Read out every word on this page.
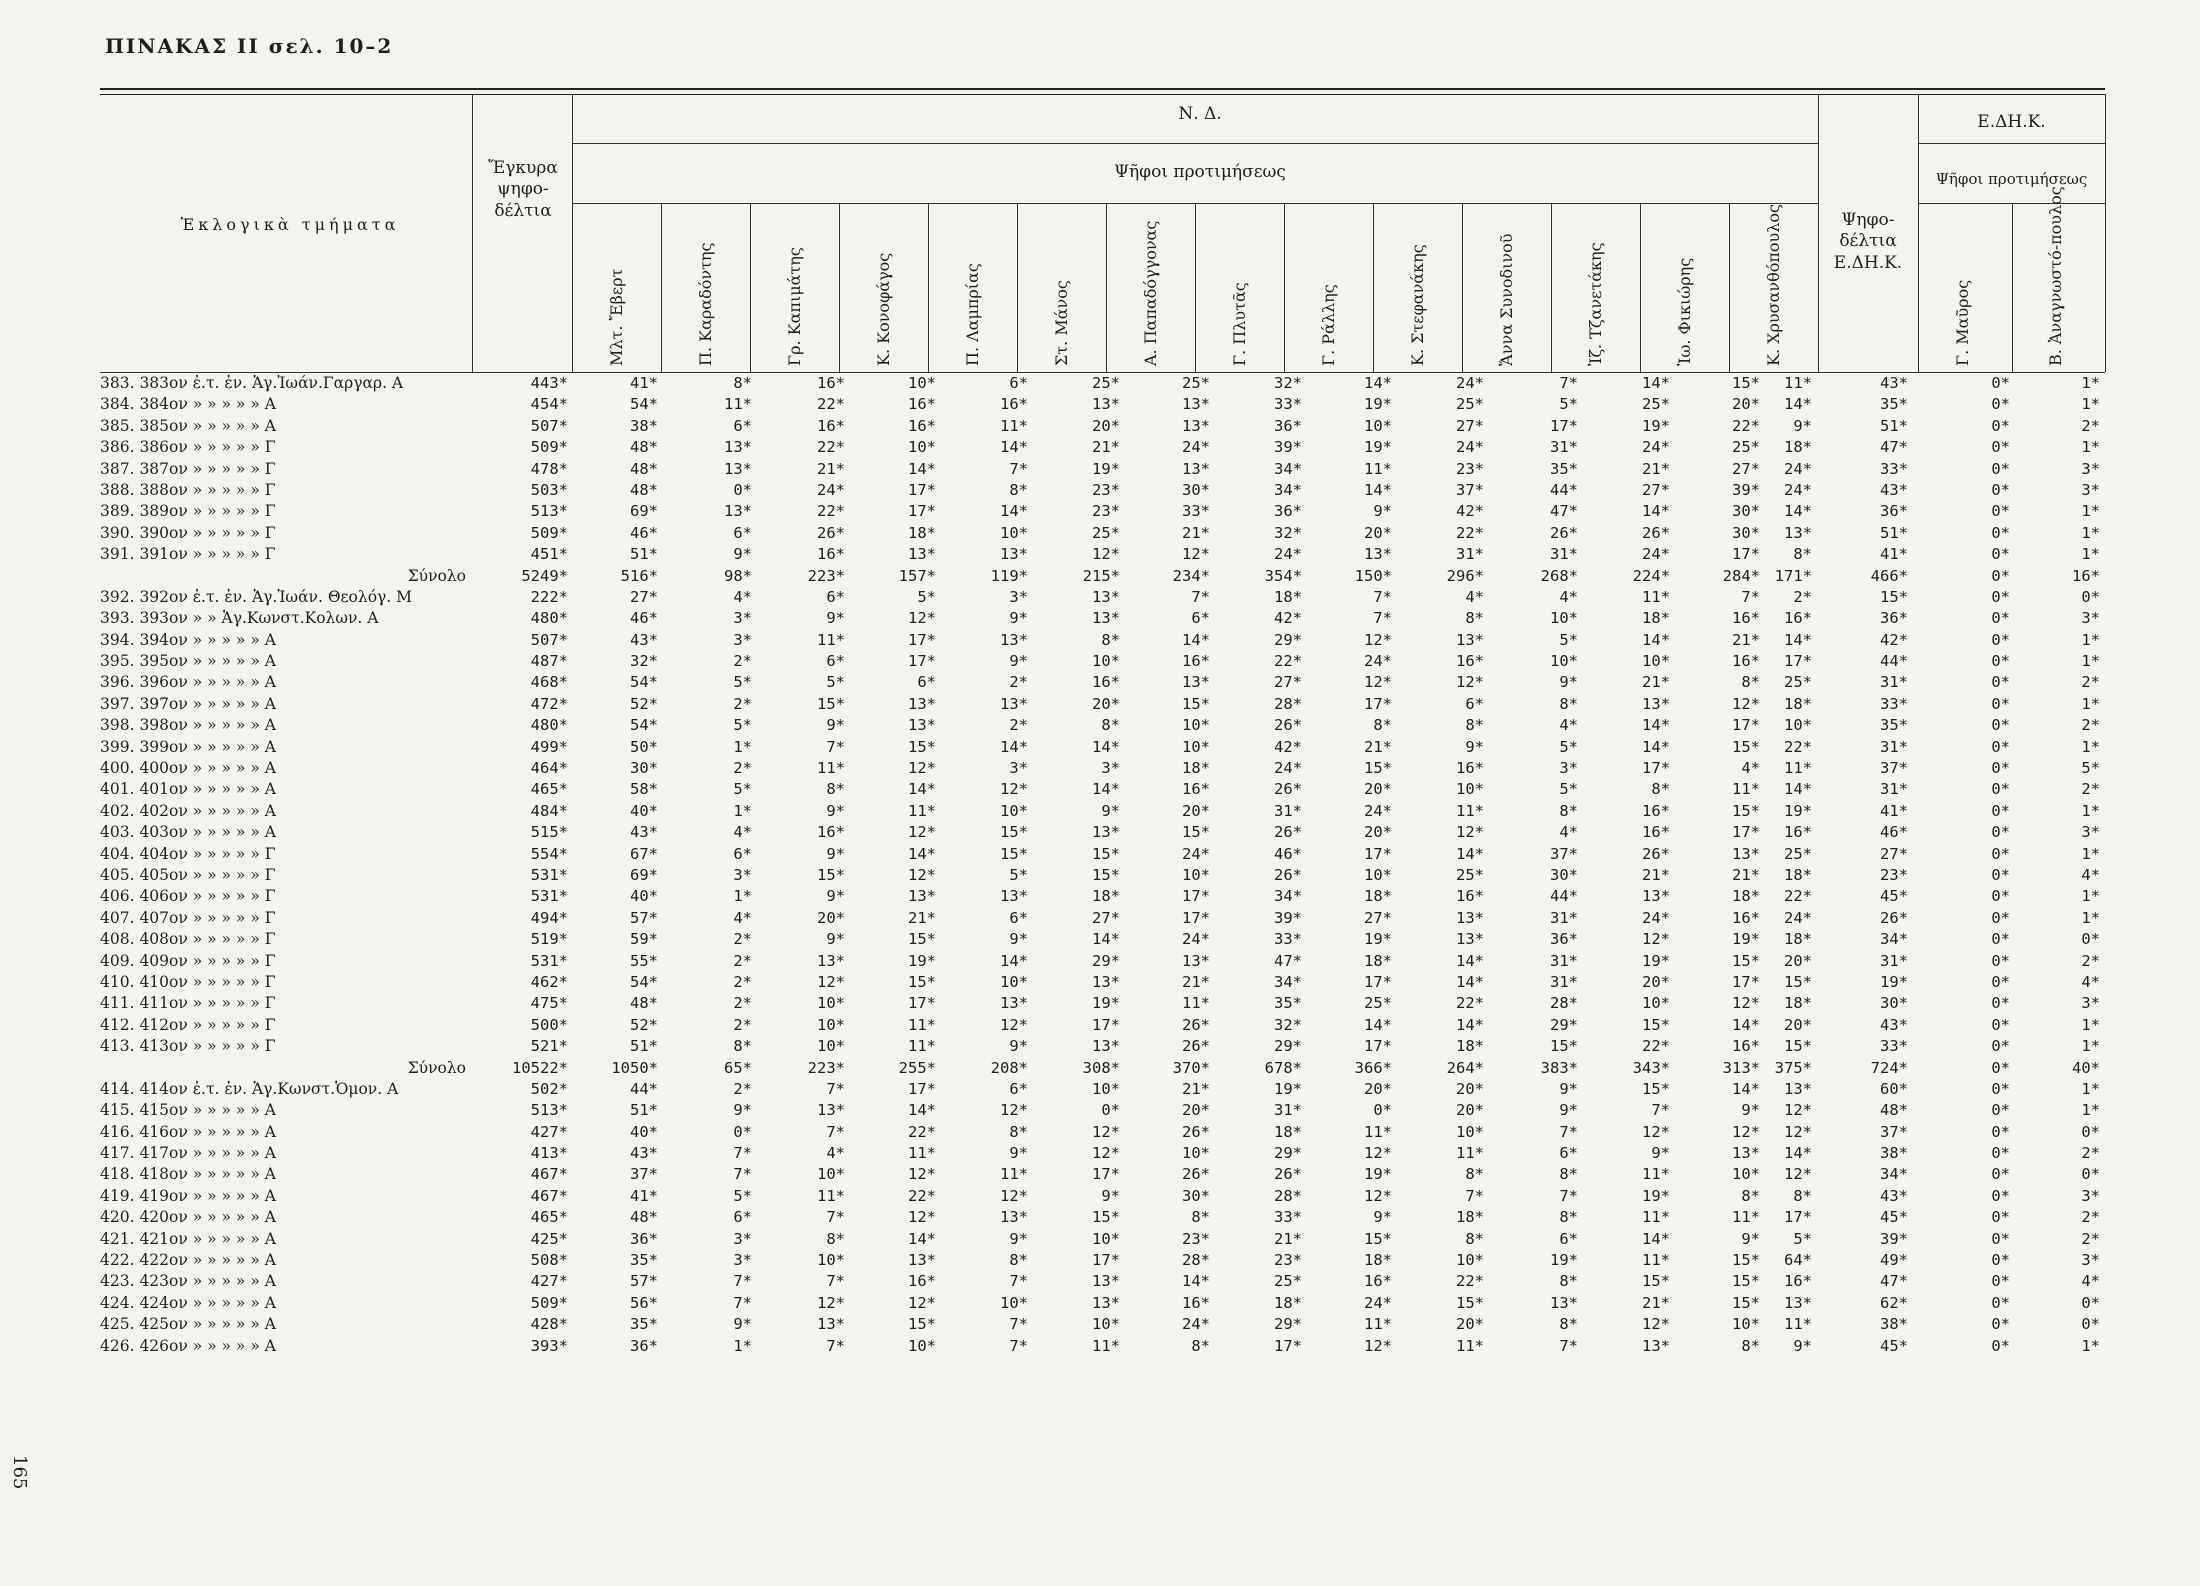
ΠΙΝΑΚΑΣ II σελ. 10–2
165
Ἐκλογικὰ τμήματα
Ἔγκυρα ψηφο-δέλτια
Ν. Δ.	Ε.ΔΗ.Κ.
Ψῆφοι προτιμήσεως	Ψῆφοι προτιμήσεως
Ψηφο-δέλτια Ε.ΔΗ.Κ.
Μλτ. Ἔβερτ	Π. Καραδόντης	Γρ. Καπιμάτης	Κ. Κονοφάγος	Π. Λαμπρίας	Στ. Μάνος	Α. Παπαδόγγονας	Γ. Πλυτᾶς	Γ. Ράλλης	Κ. Στεφανάκης	Ἄννα Συνοδινοῦ	Ἰζ. Τζανετάκης	Ἰω. Φικιώρης	Κ. Χρυσανθόπουλος	Γ. Μαῦρος	Β. Ἀναγνωστό-πουλος
383. 383ον ἐ.τ. ἐν. Ἁγ.Ἰωάν.Γαργαρ. Α	443*	41*	8*	16*	10*	6*	25*	25*	32*	14*	24*	7*	14*	15* 11*	43*	0*	1*
384. 384ον » » » » » Α	454*	54*	11*	22*	16*	16*	13*	13*	33*	19*	25*	5*	25*	20* 14*	35*	0*	1*
385. 385ον » » » » » Α	507*	38*	6*	16*	16*	11*	20*	13*	36*	10*	27*	17*	19*	22* 9*	51*	0*	2*
386. 386ον » » » » » Γ	509*	48*	13*	22*	10*	14*	21*	24*	39*	19*	24*	31*	24*	25* 18*	47*	0*	1*
387. 387ον » » » » » Γ	478*	48*	13*	21*	14*	7*	19*	13*	34*	11*	23*	35*	21*	27* 24*	33*	0*	3*
388. 388ον » » » » » Γ	503*	48*	0*	24*	17*	8*	23*	30*	34*	14*	37*	44*	27*	39* 24*	43*	0*	3*
389. 389ον » » » » » Γ	513*	69*	13*	22*	17*	14*	23*	33*	36*	9*	42*	47*	14*	30* 14*	36*	0*	1*
390. 390ον » » » » » Γ	509*	46*	6*	26*	18*	10*	25*	21*	32*	20*	22*	26*	26*	30* 13*	51*	0*	1*
391. 391ον » » » » » Γ	451*	51*	9*	16*	13*	13*	12*	12*	24*	13*	31*	31*	24*	17* 8*	41*	0*	1*
Σύνολο	5249*	516*	98*	223*	157*	119*	215*	234*	354*	150*	296*	268*	224*	284* 171*	466*	0*	16*
392. 392ον ἐ.τ. ἐν. Ἁγ.Ἰωάν. Θεολόγ. Μ	222*	27*	4*	6*	5*	3*	13*	7*	18*	7*	4*	4*	11*	7* 2*	15*	0*	0*
393. 393ον » » Ἁγ.Κωνστ.Κολων. Α	480*	46*	3*	9*	12*	9*	13*	6*	42*	7*	8*	10*	18*	16* 16*	36*	0*	3*
394. 394ον » » » » » Α	507*	43*	3*	11*	17*	13*	8*	14*	29*	12*	13*	5*	14*	21* 14*	42*	0*	1*
395. 395ον » » » » » Α	487*	32*	2*	6*	17*	9*	10*	16*	22*	24*	16*	10*	10*	16* 17*	44*	0*	1*
396. 396ον » » » » » Α	468*	54*	5*	5*	6*	2*	16*	13*	27*	12*	12*	9*	21*	8* 25*	31*	0*	2*
397. 397ον » » » » » Α	472*	52*	2*	15*	13*	13*	20*	15*	28*	17*	6*	8*	13*	12* 18*	33*	0*	1*
398. 398ον » » » » » Α	480*	54*	5*	9*	13*	2*	8*	10*	26*	8*	8*	4*	14*	17* 10*	35*	0*	2*
399. 399ον » » » » » Α	499*	50*	1*	7*	15*	14*	14*	10*	42*	21*	9*	5*	14*	15* 22*	31*	0*	1*
400. 400ον » » » » » Α	464*	30*	2*	11*	12*	3*	3*	18*	24*	15*	16*	3*	17*	4* 11*	37*	0*	5*
401. 401ον » » » » » Α	465*	58*	5*	8*	14*	12*	14*	16*	26*	20*	10*	5*	8*	11* 14*	31*	0*	2*
402. 402ον » » » » » Α	484*	40*	1*	9*	11*	10*	9*	20*	31*	24*	11*	8*	16*	15* 19*	41*	0*	1*
403. 403ον » » » » » Α	515*	43*	4*	16*	12*	15*	13*	15*	26*	20*	12*	4*	16*	17* 16*	46*	0*	3*
404. 404ον » » » » » Γ	554*	67*	6*	9*	14*	15*	15*	24*	46*	17*	14*	37*	26*	13* 25*	27*	0*	1*
405. 405ον » » » » » Γ	531*	69*	3*	15*	12*	5*	15*	10*	26*	10*	25*	30*	21*	21* 18*	23*	0*	4*
406. 406ον » » » » » Γ	531*	40*	1*	9*	13*	13*	18*	17*	34*	18*	16*	44*	13*	18* 22*	45*	0*	1*
407. 407ον » » » » » Γ	494*	57*	4*	20*	21*	6*	27*	17*	39*	27*	13*	31*	24*	16* 24*	26*	0*	1*
408. 408ον » » » » » Γ	519*	59*	2*	9*	15*	9*	14*	24*	33*	19*	13*	36*	12*	19* 18*	34*	0*	0*
409. 409ον » » » » » Γ	531*	55*	2*	13*	19*	14*	29*	13*	47*	18*	14*	31*	19*	15* 20*	31*	0*	2*
410. 410ον » » » » » Γ	462*	54*	2*	12*	15*	10*	13*	21*	34*	17*	14*	31*	20*	17* 15*	19*	0*	4*
411. 411ον » » » » » Γ	475*	48*	2*	10*	17*	13*	19*	11*	35*	25*	22*	28*	10*	12* 18*	30*	0*	3*
412. 412ον » » » » » Γ	500*	52*	2*	10*	11*	12*	17*	26*	32*	14*	14*	29*	15*	14* 20*	43*	0*	1*
413. 413ον » » » » » Γ	521*	51*	8*	10*	11*	9*	13*	26*	29*	17*	18*	15*	22*	16* 15*	33*	0*	1*
Σύνολο	10522*	1050*	65*	223*	255*	208*	308*	370*	678*	366*	264*	383*	343*	313* 375*	724*	0*	40*
414. 414ον ἐ.τ. ἐν. Ἁγ.Κωνστ.Ὁμον. Α	502*	44*	2*	7*	17*	6*	10*	21*	19*	20*	20*	9*	15*	14* 13*	60*	0*	1*
415. 415ον » » » » » Α	513*	51*	9*	13*	14*	12*	0*	20*	31*	0*	20*	9*	7*	9* 12*	48*	0*	1*
416. 416ον » » » » » Α	427*	40*	0*	7*	22*	8*	12*	26*	18*	11*	10*	7*	12*	12* 12*	37*	0*	0*
417. 417ον » » » » » Α	413*	43*	7*	4*	11*	9*	12*	10*	29*	12*	11*	6*	9*	13* 14*	38*	0*	2*
418. 418ον » » » » » Α	467*	37*	7*	10*	12*	11*	17*	26*	26*	19*	8*	8*	11*	10* 12*	34*	0*	0*
419. 419ον » » » » » Α	467*	41*	5*	11*	22*	12*	9*	30*	28*	12*	7*	7*	19*	8* 8*	43*	0*	3*
420. 420ον » » » » » Α	465*	48*	6*	7*	12*	13*	15*	8*	33*	9*	18*	8*	11*	11* 17*	45*	0*	2*
421. 421ον » » » » » Α	425*	36*	3*	8*	14*	9*	10*	23*	21*	15*	8*	6*	14*	9* 5*	39*	0*	2*
422. 422ον » » » » » Α	508*	35*	3*	10*	13*	8*	17*	28*	23*	18*	10*	19*	11*	15* 64*	49*	0*	3*
423. 423ον » » » » » Α	427*	57*	7*	7*	16*	7*	13*	14*	25*	16*	22*	8*	15*	15* 16*	47*	0*	4*
424. 424ον » » » » » Α	509*	56*	7*	12*	12*	10*	13*	16*	18*	24*	15*	13*	21*	15* 13*	62*	0*	0*
425. 425ον » » » » » Α	428*	35*	9*	13*	15*	7*	10*	24*	29*	11*	20*	8*	12*	10* 11*	38*	0*	0*
426. 426ον » » » » » Α	393*	36*	1*	7*	10*	7*	11*	8*	17*	12*	11*	7*	13*	8* 9*	45*	0*	1*
